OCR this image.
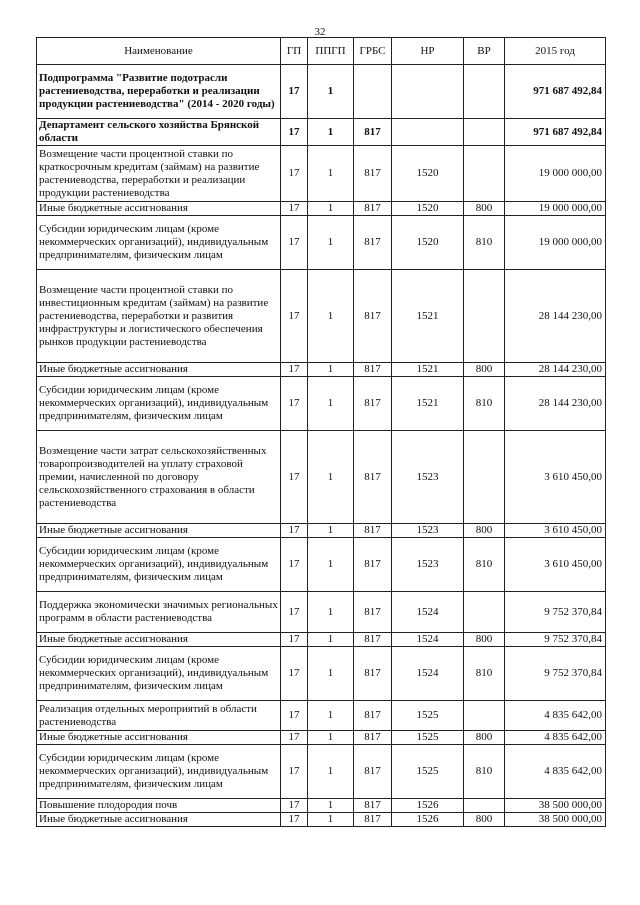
32
Наименование	ГП	ППГП	ГРБС	НР	ВР	2015 год
Подпрограмма "Развитие подотрасли растениеводства, переработки и реализации продукции растениеводства" (2014 - 2020 годы)	17	1				971 687 492,84
Департамент сельского хозяйства Брянской области	17	1	817			971 687 492,84
Возмещение части процентной ставки по краткосрочным кредитам (займам) на развитие растениеводства, переработки и реализации продукции растениеводства	17	1	817	1520		19 000 000,00
Иные бюджетные ассигнования	17	1	817	1520	800	19 000 000,00
Субсидии юридическим лицам (кроме некоммерческих организаций), индивидуальным предпринимателям, физическим лицам	17	1	817	1520	810	19 000 000,00
Возмещение части процентной ставки по инвестиционным кредитам (займам) на развитие растениеводства, переработки и развития инфраструктуры и логистического обеспечения рынков продукции растениеводства	17	1	817	1521		28 144 230,00
Иные бюджетные ассигнования	17	1	817	1521	800	28 144 230,00
Субсидии юридическим лицам (кроме некоммерческих организаций), индивидуальным предпринимателям, физическим лицам	17	1	817	1521	810	28 144 230,00
Возмещение части затрат сельскохозяйственных товаропроизводителей на уплату страховой премии, начисленной по договору сельскохозяйственного страхования в области растениеводства	17	1	817	1523		3 610 450,00
Иные бюджетные ассигнования	17	1	817	1523	800	3 610 450,00
Субсидии юридическим лицам (кроме некоммерческих организаций), индивидуальным предпринимателям, физическим лицам	17	1	817	1523	810	3 610 450,00
Поддержка экономически значимых региональных программ в области растениеводства	17	1	817	1524		9 752 370,84
Иные бюджетные ассигнования	17	1	817	1524	800	9 752 370,84
Субсидии юридическим лицам (кроме некоммерческих организаций), индивидуальным предпринимателям, физическим лицам	17	1	817	1524	810	9 752 370,84
Реализация отдельных мероприятий в области растениеводства	17	1	817	1525		4 835 642,00
Иные бюджетные ассигнования	17	1	817	1525	800	4 835 642,00
Субсидии юридическим лицам (кроме некоммерческих организаций), индивидуальным предпринимателям, физическим лицам	17	1	817	1525	810	4 835 642,00
Повышение плодородия почв	17	1	817	1526		38 500 000,00
Иные бюджетные ассигнования	17	1	817	1526	800	38 500 000,00
